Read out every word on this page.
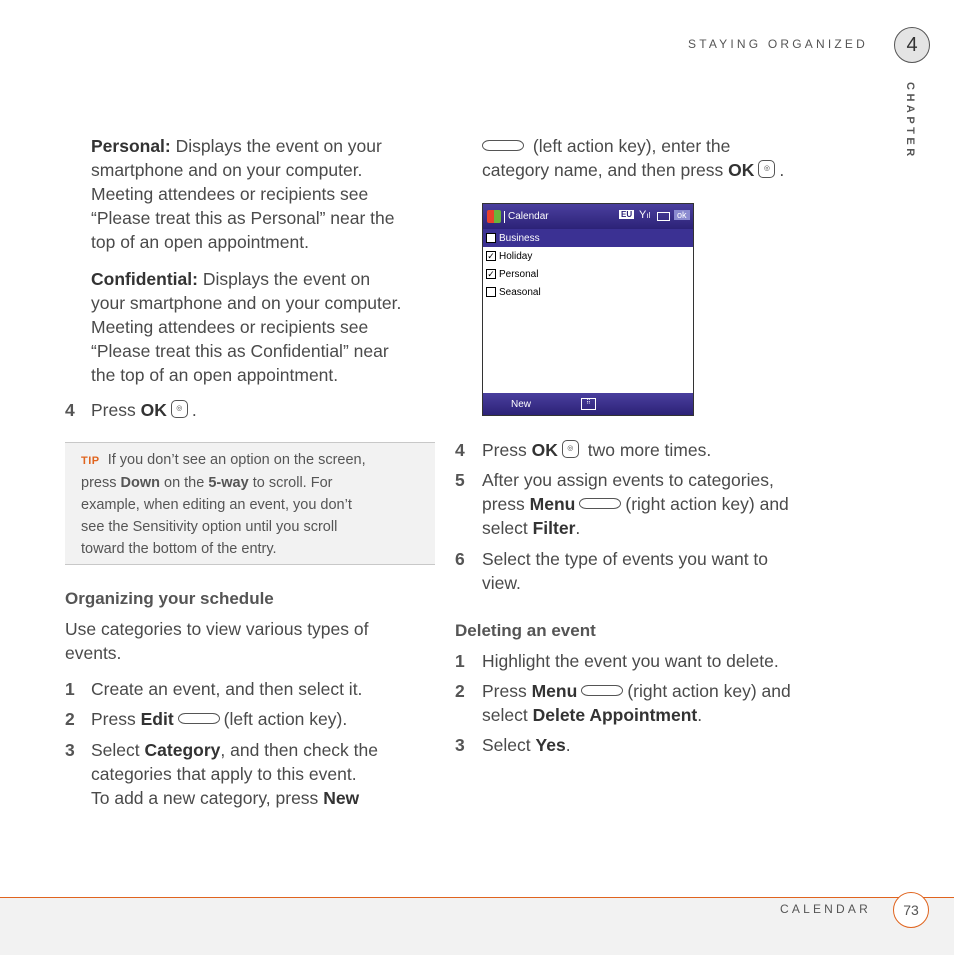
STAYING ORGANIZED	4
CHAPTER
Personal: Displays the event on your
smartphone and on your computer.
Meeting attendees or recipients see
“Please treat this as Personal” near the
top of an open appointment.
Confidential: Displays the event on
your smartphone and on your computer.
Meeting attendees or recipients see
“Please treat this as Confidential” near
the top of an open appointment.
4 Press OK ◎ .
TIP If you don’t see an option on the screen,
press Down on the 5-way to scroll. For
example, when editing an event, you don’t
see the Sensitivity option until you scroll
toward the bottom of the entry.
Organizing your schedule
Use categories to view various types of
events.
1 Create an event, and then select it.
2 Press Edit	(left action key).
3 Select Category, and then check the
categories that apply to this event.
To add a new category, press New
(left action key), enter the
category name, and then press OK ◎ .
Calendar	EU Yıl	ok
Business
✓ Holiday
✓ Personal
Seasonal
New	⠿
4 Press OK ◎ two more times.
5 After you assign events to categories,
press Menu	(right action key) and
select Filter.
6 Select the type of events you want to
view.
Deleting an event
1 Highlight the event you want to delete.
2 Press Menu	(right action key) and
select Delete Appointment.
3 Select Yes.
CALENDAR	73
